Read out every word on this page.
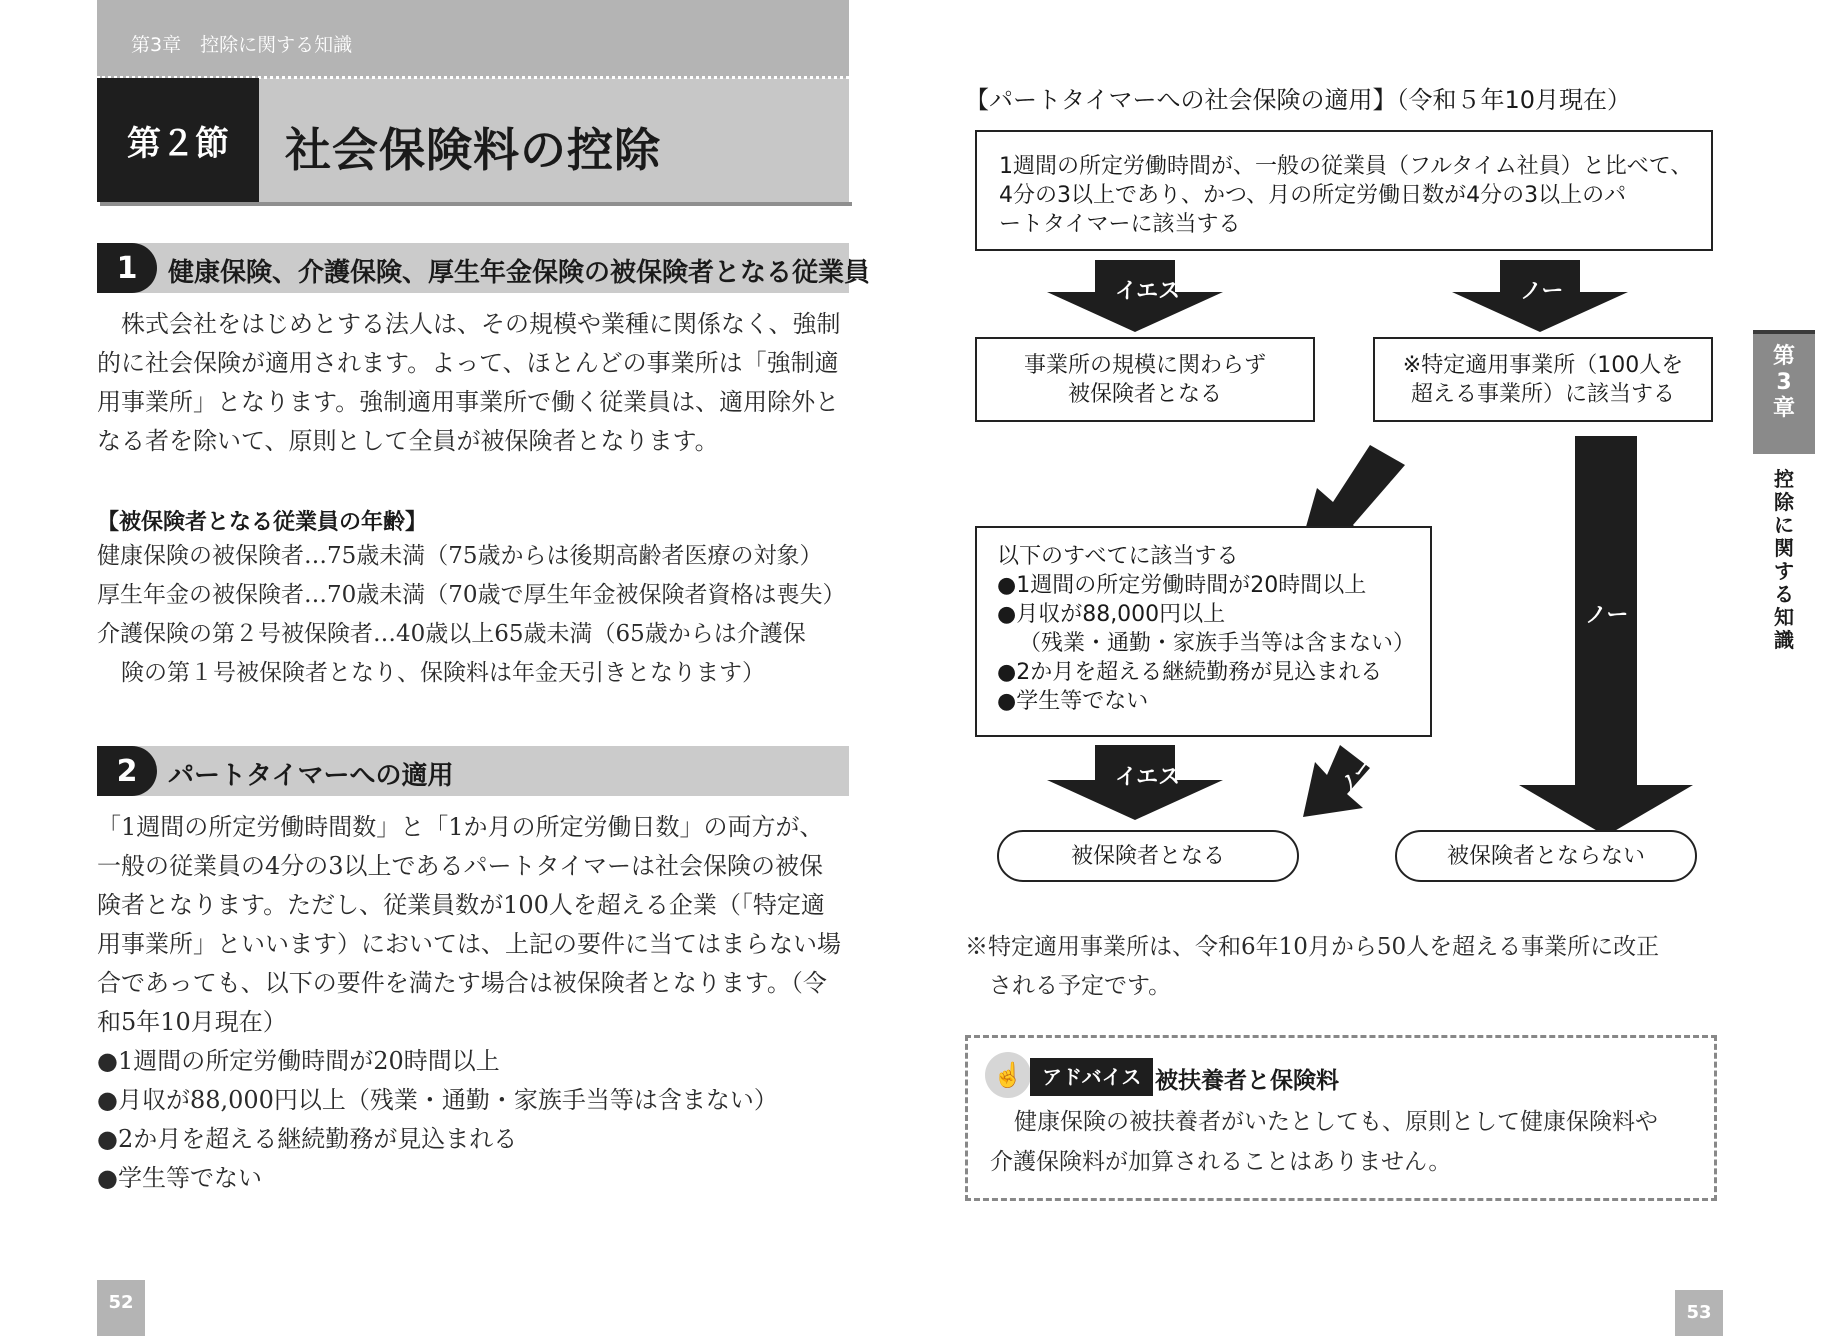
第3章　控除に関する知識
第２節	社会保険料の控除
1	健康保険、介護保険、厚生年金保険の被保険者となる従業員
株式会社をはじめとする法人は、その規模や業種に関係なく、強制
的に社会保険が適用されます。よって、ほとんどの事業所は「強制適
用事業所」となります。強制適用事業所で働く従業員は、適用除外と
なる者を除いて、原則として全員が被保険者となります。
【被保険者となる従業員の年齢】
健康保険の被保険者…75歳未満（75歳からは後期高齢者医療の対象）
厚生年金の被保険者…70歳未満（70歳で厚生年金被保険者資格は喪失）
介護保険の第２号被保険者…40歳以上65歳未満（65歳からは介護保
険の第１号被保険者となり、保険料は年金天引きとなります）
2	パートタイマーへの適用
「1週間の所定労働時間数」と「1か月の所定労働日数」の両方が、
一般の従業員の4分の3以上であるパートタイマーは社会保険の被保
険者となります。ただし、従業員数が100人を超える企業（「特定適
用事業所」といいます）においては、上記の要件に当てはまらない場
合であっても、以下の要件を満たす場合は被保険者となります。（令
和5年10月現在）
●1週間の所定労働時間が20時間以上
●月収が88,000円以上（残業・通勤・家族手当等は含まない）
●2か月を超える継続勤務が見込まれる
●学生等でない
52
【パートタイマーへの社会保険の適用】（令和５年10月現在）
イエス	ノー
イエス
ノー
イエス	ノー
1週間の所定労働時間が、一般の従業員（フルタイム社員）と比べて、
4分の3以上であり、かつ、月の所定労働日数が4分の3以上のパ
ートタイマーに該当する
事業所の規模に関わらず
被保険者となる
※特定適用事業所（100人を
超える事業所）に該当する
以下のすべてに該当する
●1週間の所定労働時間が20時間以上
●月収が88,000円以上
（残業・通勤・家族手当等は含まない）
●2か月を超える継続勤務が見込まれる
●学生等でない
被保険者となる	被保険者とならない
※特定適用事業所は、令和6年10月から50人を超える事業所に改正
される予定です。
☝ アドバイス 被扶養者と保険料
健康保険の被扶養者がいたとしても、原則として健康保険料や
介護保険料が加算されることはありません。
第
3
章
控
除
に
関
す
る
知
識
53
